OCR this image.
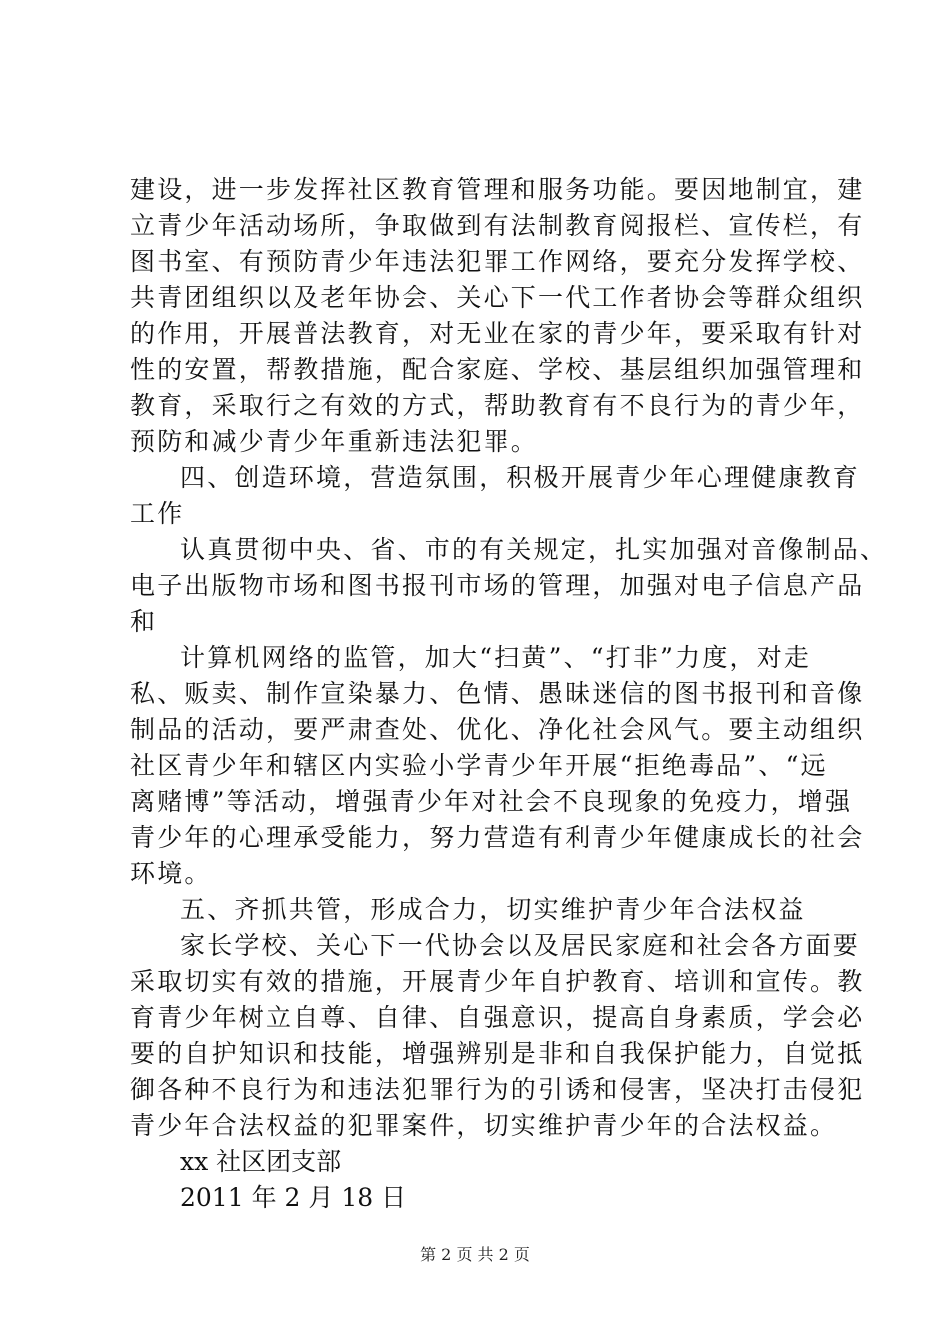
建设，进一步发挥社区教育管理和服务功能。要因地制宜，建
立青少年活动场所，争取做到有法制教育阅报栏、宣传栏，有
图书室、有预防青少年违法犯罪工作网络，要充分发挥学校、
共青团组织以及老年协会、关心下一代工作者协会等群众组织
的作用，开展普法教育，对无业在家的青少年，要采取有针对
性的安置，帮教措施，配合家庭、学校、基层组织加强管理和
教育，采取行之有效的方式，帮助教育有不良行为的青少年，
预防和减少青少年重新违法犯罪。
四、创造环境，营造氛围，积极开展青少年心理健康教育
工作
认真贯彻中央、省、市的有关规定，扎实加强对音像制品、
电子出版物市场和图书报刊市场的管理，加强对电子信息产品
和
计算机网络的监管，加大“扫黄”、“打非”力度，对走
私、贩卖、制作宣染暴力、色情、愚昧迷信的图书报刊和音像
制品的活动，要严肃查处、优化、净化社会风气。要主动组织
社区青少年和辖区内实验小学青少年开展“拒绝毒品”、“远
离赌博”等活动，增强青少年对社会不良现象的免疫力，增强
青少年的心理承受能力，努力营造有利青少年健康成长的社会
环境。
五、齐抓共管，形成合力，切实维护青少年合法权益
家长学校、关心下一代协会以及居民家庭和社会各方面要
采取切实有效的措施，开展青少年自护教育、培训和宣传。教
育青少年树立自尊、自律、自强意识，提高自身素质，学会必
要的自护知识和技能，增强辨别是非和自我保护能力，自觉抵
御各种不良行为和违法犯罪行为的引诱和侵害，坚决打击侵犯
青少年合法权益的犯罪案件，切实维护青少年的合法权益。
xx 社区团支部
2011 年 2 月 18 日
第 2 页 共 2 页
